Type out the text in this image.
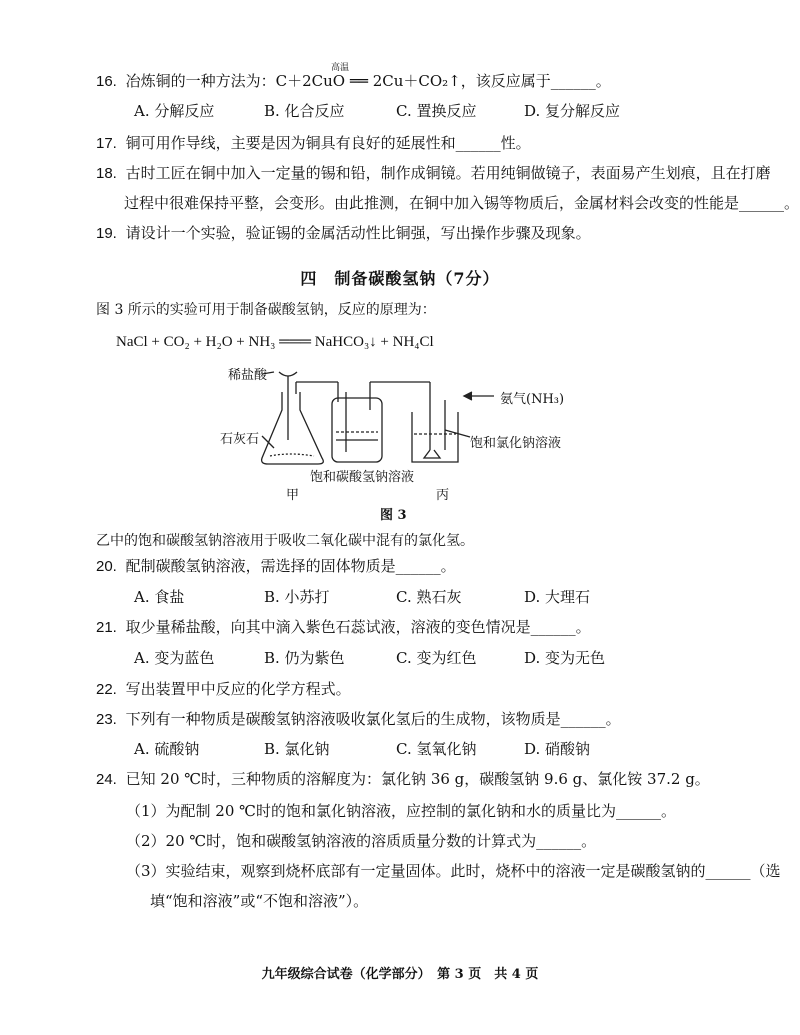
16. 冶炼铜的一种方法为：C＋2CuO ══ 2Cu＋CO₂↑，该反应属于______。
高温
A. 分解反应	B. 化合反应	C. 置换反应	D. 复分解反应
17. 铜可用作导线，主要是因为铜具有良好的延展性和______性。
18. 古时工匠在铜中加入一定量的锡和铅，制作成铜镜。若用纯铜做镜子，表面易产生划痕，且在打磨
过程中很难保持平整，会变形。由此推测，在铜中加入锡等物质后，金属材料会改变的性能是______。
19. 请设计一个实验，验证锡的金属活动性比铜强，写出操作步骤及现象。
四　制备碳酸氢钠（7分）
图 3 所示的实验可用于制备碳酸氢钠，反应的原理为：
NaCl + CO₂ + H₂O + NH₃ ═══ NaHCO₃↓ + NH₄Cl
稀盐酸
石灰石
氨气(NH₃)
饱和氯化钠溶液
饱和碳酸氢钠溶液
甲	丙
图 3
乙中的饱和碳酸氢钠溶液用于吸收二氧化碳中混有的氯化氢。
20. 配制碳酸氢钠溶液，需选择的固体物质是______。
A. 食盐	B. 小苏打	C. 熟石灰	D. 大理石
21. 取少量稀盐酸，向其中滴入紫色石蕊试液，溶液的变色情况是______。
A. 变为蓝色	B. 仍为紫色	C. 变为红色	D. 变为无色
22. 写出装置甲中反应的化学方程式。
23. 下列有一种物质是碳酸氢钠溶液吸收氯化氢后的生成物，该物质是______。
A. 硫酸钠	B. 氯化钠	C. 氢氧化钠	D. 硝酸钠
24. 已知 20 ℃时，三种物质的溶解度为：氯化钠 36 g，碳酸氢钠 9.6 g、氯化铵 37.2 g。
（1）为配制 20 ℃时的饱和氯化钠溶液，应控制的氯化钠和水的质量比为______。
（2）20 ℃时，饱和碳酸氢钠溶液的溶质质量分数的计算式为______。
（3）实验结束，观察到烧杯底部有一定量固体。此时，烧杯中的溶液一定是碳酸氢钠的______（选
填“饱和溶液”或“不饱和溶液”）。
九年级综合试卷（化学部分）　第 3 页　共 4 页
